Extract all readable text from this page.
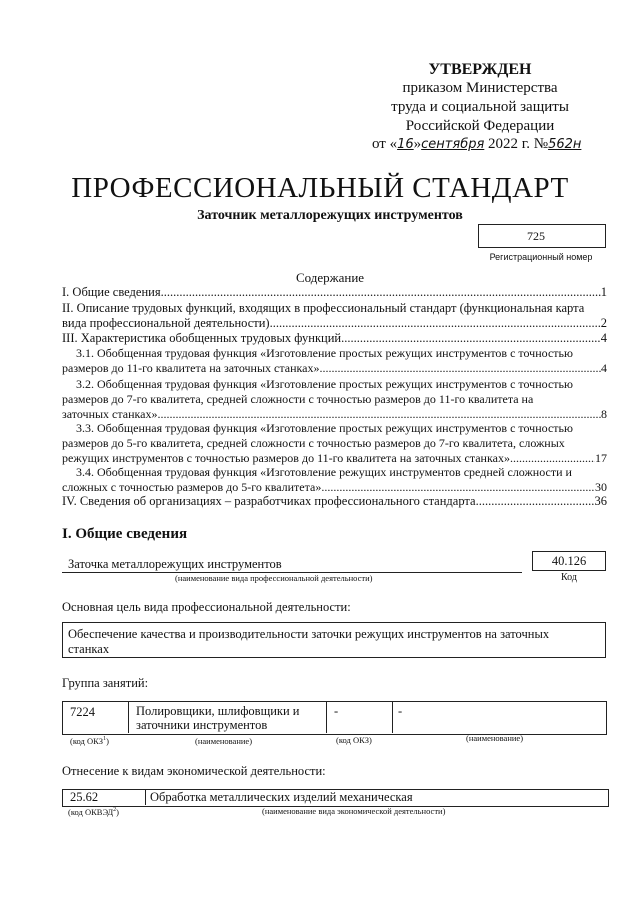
УТВЕРЖДЕН
приказом Министерства
труда и социальной защиты
Российской Федерации
от «16»сентября 2022 г. №562н
ПРОФЕССИОНАЛЬНЫЙ СТАНДАРТ
Заточник металлорежущих инструментов
725
Регистрационный номер
Содержание
I. Общие сведения .....	1
II. Описание трудовых функций, входящих в профессиональный стандарт (функциональная карта
вида профессиональной деятельности) .....	2
III. Характеристика обобщенных трудовых функций .....	4
3.1. Обобщенная трудовая функция «Изготовление простых режущих инструментов с точностью
размеров до 11-го квалитета на заточных станках» .....	4
3.2. Обобщенная трудовая функция «Изготовление простых режущих инструментов с точностью
размеров до 7-го квалитета, средней сложности с точностью размеров до 11-го квалитета на
заточных станках» .....	8
3.3. Обобщенная трудовая функция «Изготовление простых режущих инструментов с точностью
размеров до 5-го квалитета, средней сложности с точностью размеров до 7-го квалитета, сложных
режущих инструментов с точностью размеров до 11-го квалитета на заточных станках» .....	17
3.4. Обобщенная трудовая функция «Изготовление режущих инструментов средней сложности и
сложных с точностью размеров до 5-го квалитета» .....	30
IV. Сведения об организациях – разработчиках профессионального стандарта .....	36
I. Общие сведения
Заточка металлорежущих инструментов
(наименование вида профессиональной деятельности)
40.126
Код
Основная цель вида профессиональной деятельности:
Обеспечение качества и производительности заточки режущих инструментов на заточных
станках
Группа занятий:
7224	Полировщики, шлифовщики и
заточники инструментов
-	-
(код ОКЗ$^1$)	(наименование)	(код ОКЗ)	(наименование)
Отнесение к видам экономической деятельности:
25.62	Обработка металлических изделий механическая
(код ОКВЭД$^2$)	(наименование вида экономической деятельности)
